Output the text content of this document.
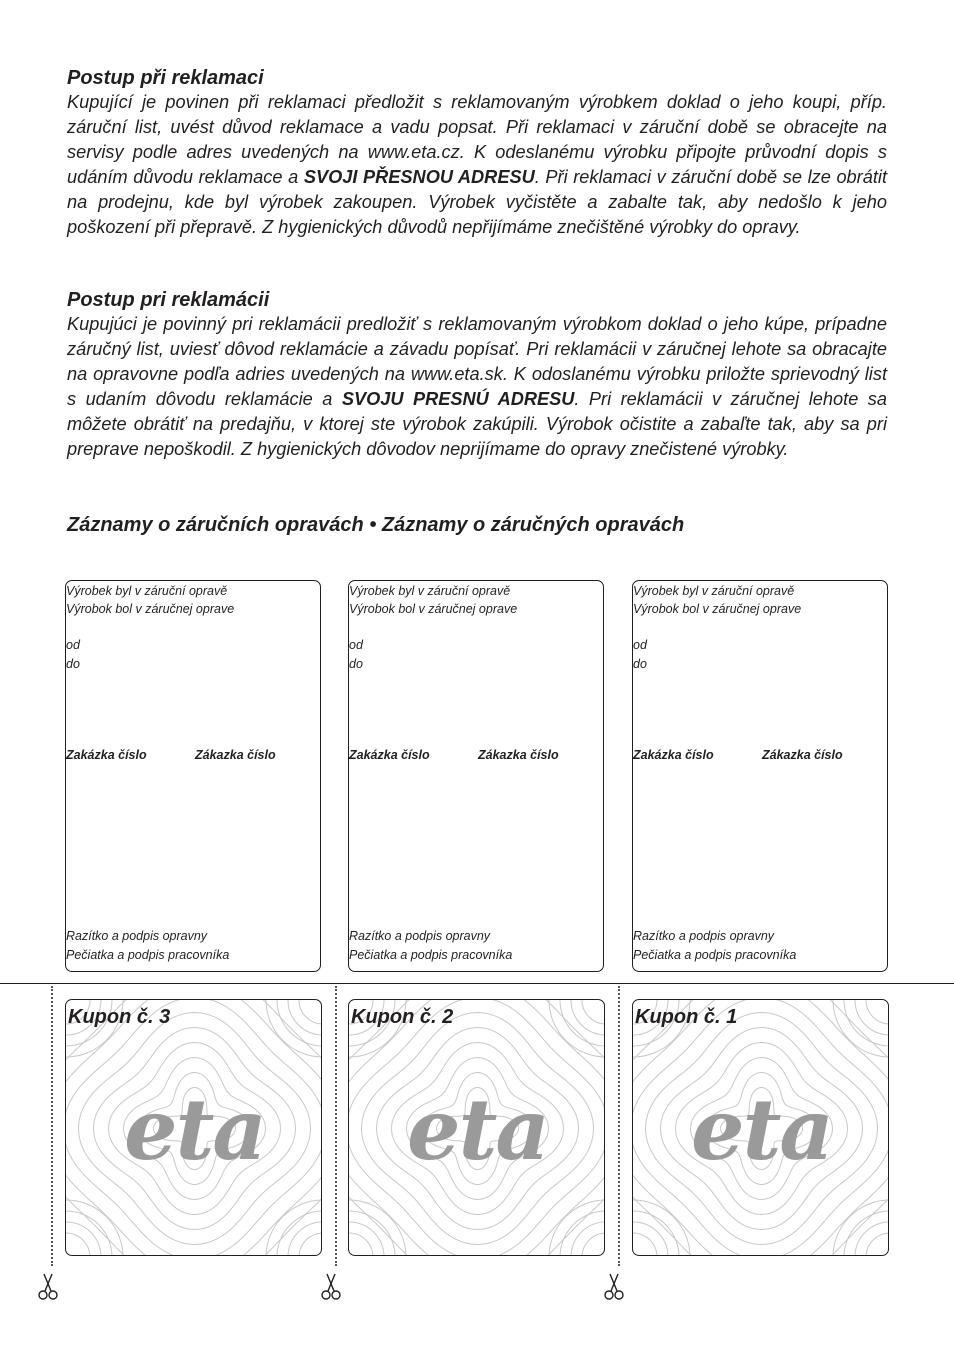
Postup při reklamaci

Kupující je povinen při reklamaci předložit s reklamovaným výrobkem doklad o jeho koupi, příp. záruční list, uvést důvod reklamace a vadu popsat. Při reklamaci v záruční době se obracejte na servisy podle adres uvedených na www.eta.cz. K odeslanému výrobku připojte průvodní dopis s udáním důvodu reklamace a SVOJI PŘESNOU ADRESU. Při reklamaci v záruční době se lze obrátit na prodejnu, kde byl výrobek zakoupen. Výrobek vyčistěte a zabalte tak, aby nedošlo k jeho poškození při přepravě. Z hygienických důvodů nepřijímáme znečištěné výrobky do opravy.

Postup pri reklamácii

Kupujúci je povinný pri reklamácii predložiť s reklamovaným výrobkom doklad o jeho kúpe, prípadne záručný list, uviesť dôvod reklamácie a závadu popísať. Pri reklamácii v záručnej lehote sa obracajte na opravovne podľa adries uvedených na www.eta.sk. K odoslanému výrobku priložte sprievodný list s udaním dôvodu reklamácie a SVOJU PRESNÚ ADRESU. Pri reklamácii v záručnej lehote sa môžete obrátiť na predajňu, v ktorej ste výrobok zakúpili. Výrobok očistite a zabaľte tak, aby sa pri preprave nepoškodil. Z hygienických dôvodov neprijímame do opravy znečistené výrobky.

Záznamy o záručních opravách • Záznamy o záručných opravách

Výrobek byl v záruční opravě
Výrobok bol v záručnej oprave
od
do
Zakázka číslo	Zákazka číslo
Razítko a podpis opravny
Pečiatka a podpis pracovníka
Výrobek byl v záruční opravě
Výrobok bol v záručnej oprave
od
do
Zakázka číslo	Zákazka číslo
Razítko a podpis opravny
Pečiatka a podpis pracovníka
Výrobek byl v záruční opravě
Výrobok bol v záručnej oprave
od
do
Zakázka číslo	Zákazka číslo
Razítko a podpis opravny
Pečiatka a podpis pracovníka
eta
Kupon č. 3
eta
Kupon č. 2
eta
Kupon č. 1
